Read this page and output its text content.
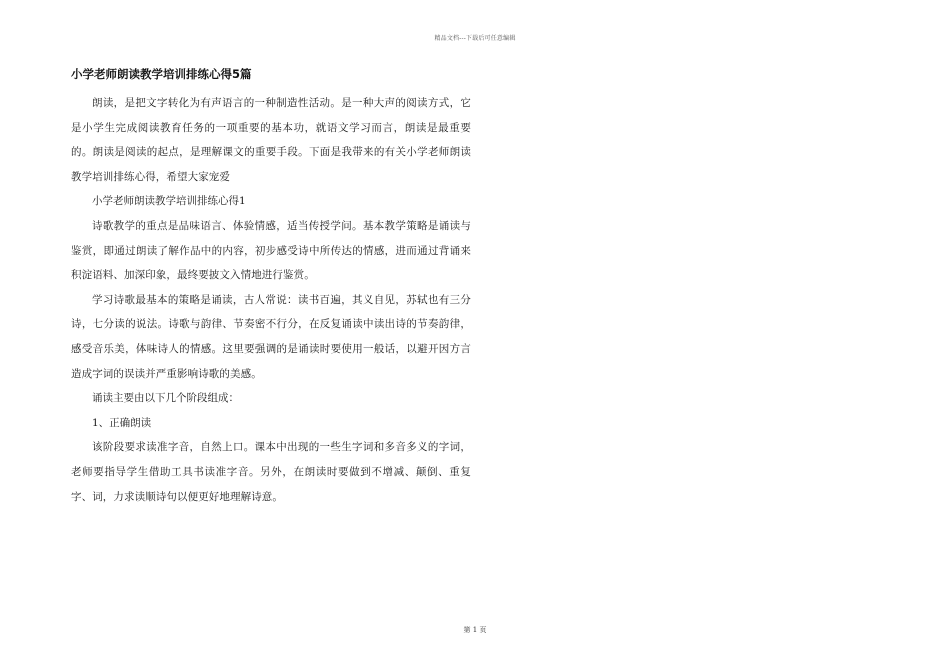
精品文档---下载后可任意编辑
小学老师朗读教学培训排练心得5篇

朗读，是把文字转化为有声语言的一种制造性活动。是一种大声的阅读方式，它是小学生完成阅读教育任务的一项重要的基本功，就语文学习而言，朗读是最重要的。朗读是阅读的起点，是理解课文的重要手段。下面是我带来的有关小学老师朗读教学培训排练心得，希望大家宠爱

小学老师朗读教学培训排练心得1

诗歌教学的重点是品味语言、体验情感，适当传授学问。基本教学策略是诵读与鉴赏，即通过朗读了解作品中的内容，初步感受诗中所传达的情感，进而通过背诵来积淀语料、加深印象，最终要披文入情地进行鉴赏。

学习诗歌最基本的策略是诵读，古人常说：读书百遍，其义自见，苏轼也有三分诗，七分读的说法。诗歌与韵律、节奏密不行分，在反复诵读中读出诗的节奏韵律，感受音乐美，体味诗人的情感。这里要强调的是诵读时要使用一般话，以避开因方言造成字词的误读并严重影响诗歌的美感。

诵读主要由以下几个阶段组成：

1、正确朗读

该阶段要求读准字音，自然上口。课本中出现的一些生字词和多音多义的字词，老师要指导学生借助工具书读准字音。另外，在朗读时要做到不增减、颠倒、重复字、词，力求读顺诗句以便更好地理解诗意。

第 1 页
